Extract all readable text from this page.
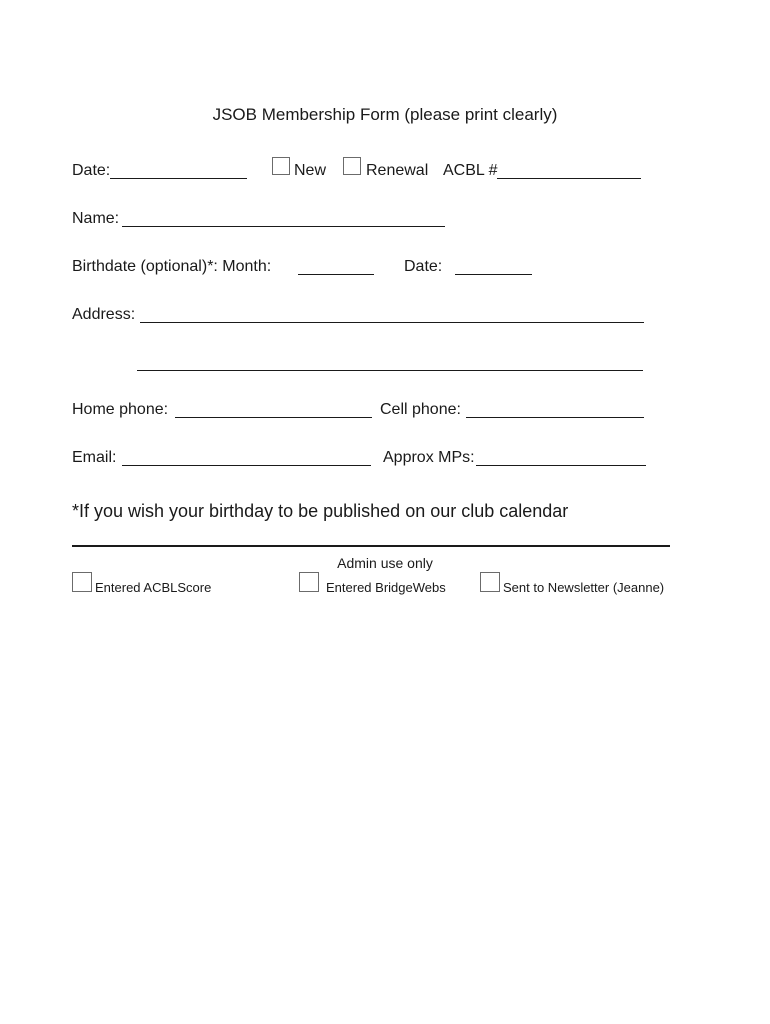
JSOB Membership Form (please print clearly)
Date:	New Renewal ACBL #
Name:
Birthdate (optional)*: Month:	Date:
Address:
Home phone:	Cell phone:
Email:	Approx MPs:
*If you wish your birthday to be published on our club calendar
Admin use only
Entered ACBLScore	Entered BridgeWebs	Sent to Newsletter (Jeanne)
